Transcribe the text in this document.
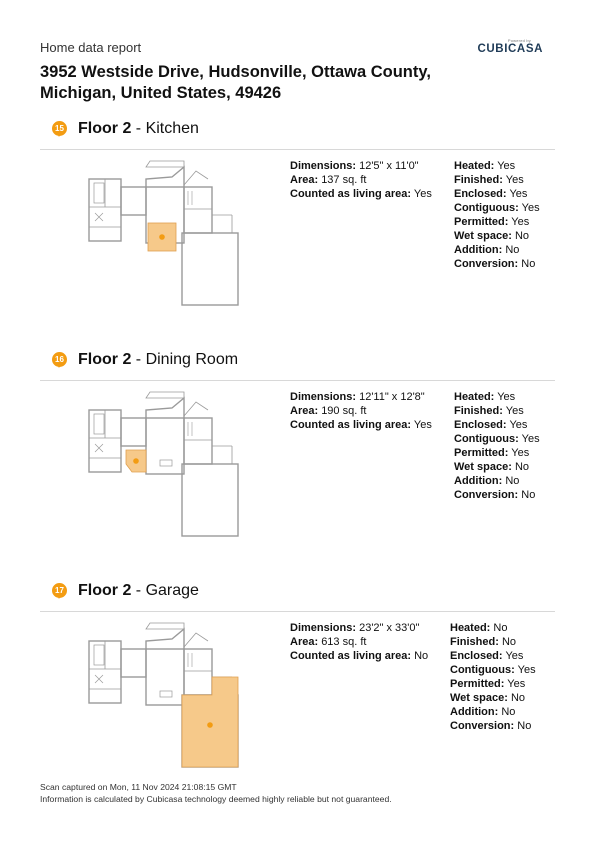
Home data report	Powered by
CUBICASA
3952 Westside Drive, Hudsonville, Ottawa County,
Michigan, United States, 49426
15 Floor 2 - Kitchen
Dimensions: 12'5" x 11'0"
Area: 137 sq. ft
Counted as living area: Yes
Heated: Yes
Finished: Yes
Enclosed: Yes
Contiguous: Yes
Permitted: Yes
Wet space: No
Addition: No
Conversion: No
16 Floor 2 - Dining Room
Dimensions: 12'11" x 12'8"
Area: 190 sq. ft
Counted as living area: Yes
Heated: Yes
Finished: Yes
Enclosed: Yes
Contiguous: Yes
Permitted: Yes
Wet space: No
Addition: No
Conversion: No
17 Floor 2 - Garage
Dimensions: 23'2" x 33'0"
Area: 613 sq. ft
Counted as living area: No
Heated: No
Finished: No
Enclosed: Yes
Contiguous: Yes
Permitted: Yes
Wet space: No
Addition: No
Conversion: No
Scan captured on Mon, 11 Nov 2024 21:08:15 GMT
Information is calculated by Cubicasa technology deemed highly reliable but not guaranteed.
